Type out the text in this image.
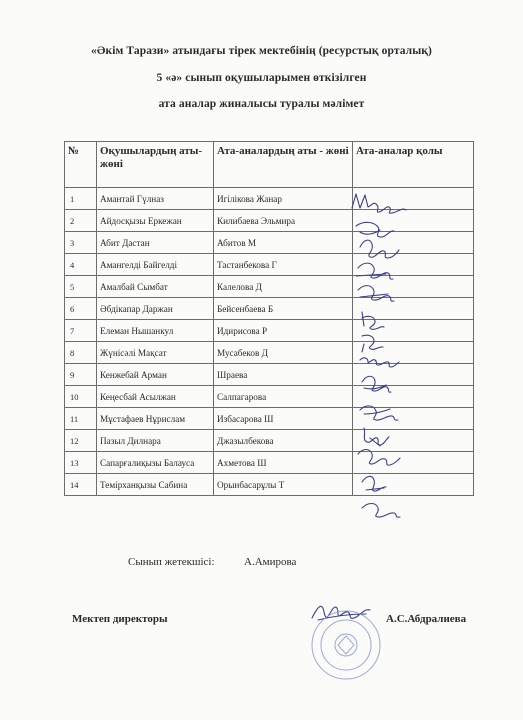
«Әкім Тарази» атындағы тірек мектебінің (ресурстық орталық)
5 «ә» сынып оқушыларымен өткізілген
ата аналар жиналысы туралы мәлімет
№	Оқушылардың аты-жөні	Ата-аналардың аты - жөні	Ата-аналар қолы
1	Амантай Гүлназ	Игілікова Жанар	
2	Айдосқызы Еркежан	Килибаева Эльмира	
3	Абит Дастан	Абитов М	
4	Амангелді Байгелді	Тастанбекова Г	
5	Амалбай Сымбат	Калелова Д	
6	Әбдікапар Даржан	Бейсенбаева Б	
7	Елеман Нышанкул	Идирисова Р	
8	Жүнісәлі Мақсат	Мусабеков Д	
9	Кенжебай Арман	Шраева	
10	Кеңесбай Асылжан	Салпагарова	
11	Мұстафаев Нұрислам	Избасарова Ш	
12	Пазыл Дилнара	Джазылбекова	
13	Сапарғалиқызы Балауса	Ахметова Ш	
14	Темірханқызы Сабина	Орынбасарұлы Т	
Сынып жетекшісі:	А.Амирова
Мектеп директоры	А.С.Абдралиева
